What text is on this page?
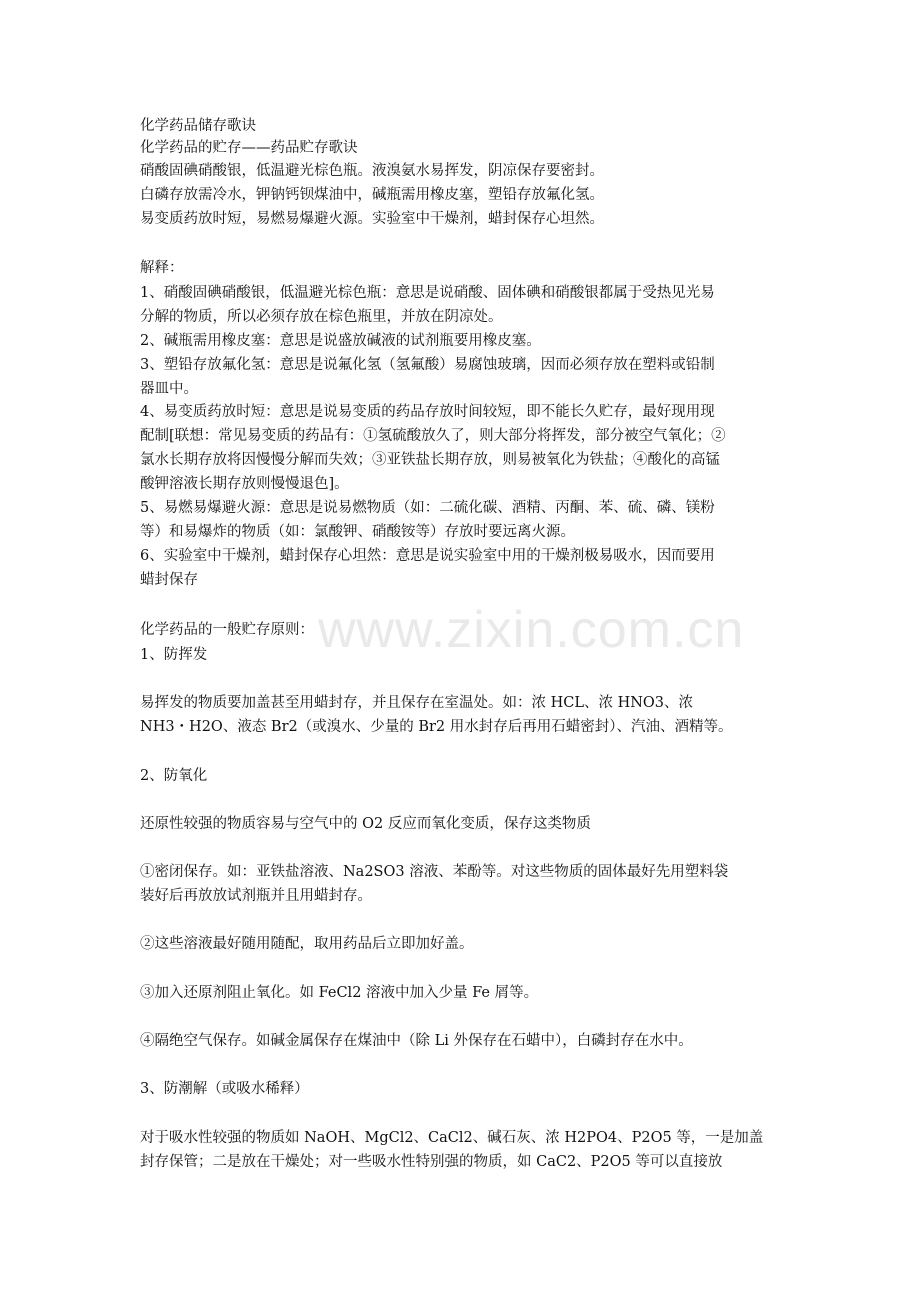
化学药品储存歌诀
化学药品的贮存——药品贮存歌诀
硝酸固碘硝酸银，低温避光棕色瓶。液溴氨水易挥发，阴凉保存要密封。
白磷存放需冷水，钾钠钙钡煤油中，碱瓶需用橡皮塞，塑铅存放氟化氢。
易变质药放时短，易燃易爆避火源。实验室中干燥剂，蜡封保存心坦然。
解释：
1、硝酸固碘硝酸银，低温避光棕色瓶：意思是说硝酸、固体碘和硝酸银都属于受热见光易
分解的物质，所以必须存放在棕色瓶里，并放在阴凉处。
2、碱瓶需用橡皮塞：意思是说盛放碱液的试剂瓶要用橡皮塞。
3、塑铅存放氟化氢：意思是说氟化氢（氢氟酸）易腐蚀玻璃，因而必须存放在塑料或铅制
器皿中。
4、易变质药放时短：意思是说易变质的药品存放时间较短，即不能长久贮存，最好现用现
配制[联想：常见易变质的药品有：①氢硫酸放久了，则大部分将挥发，部分被空气氧化；②
氯水长期存放将因慢慢分解而失效；③亚铁盐长期存放，则易被氧化为铁盐；④酸化的高锰
酸钾溶液长期存放则慢慢退色]。
5、易燃易爆避火源：意思是说易燃物质（如：二硫化碳、酒精、丙酮、苯、硫、磷、镁粉
等）和易爆炸的物质（如：氯酸钾、硝酸铵等）存放时要远离火源。
6、实验室中干燥剂，蜡封保存心坦然：意思是说实验室中用的干燥剂极易吸水，因而要用
蜡封保存
化学药品的一般贮存原则：
1、防挥发
易挥发的物质要加盖甚至用蜡封存，并且保存在室温处。如：浓 HCL、浓 HNO3、浓
NH3・H2O、液态 Br2（或溴水、少量的 Br2 用水封存后再用石蜡密封）、汽油、酒精等。
2、防氧化
还原性较强的物质容易与空气中的 O2 反应而氧化变质，保存这类物质
①密闭保存。如：亚铁盐溶液、Na2SO3 溶液、苯酚等。对这些物质的固体最好先用塑料袋
装好后再放放试剂瓶并且用蜡封存。
②这些溶液最好随用随配，取用药品后立即加好盖。
③加入还原剂阻止氧化。如 FeCl2 溶液中加入少量 Fe 屑等。
④隔绝空气保存。如碱金属保存在煤油中（除 Li 外保存在石蜡中），白磷封存在水中。
3、防潮解（或吸水稀释）
对于吸水性较强的物质如 NaOH、MgCl2、CaCl2、碱石灰、浓 H2PO4、P2O5 等，一是加盖
封存保管；二是放在干燥处；对一些吸水性特别强的物质，如 CaC2、P2O5 等可以直接放
www.zixin.com.cn
